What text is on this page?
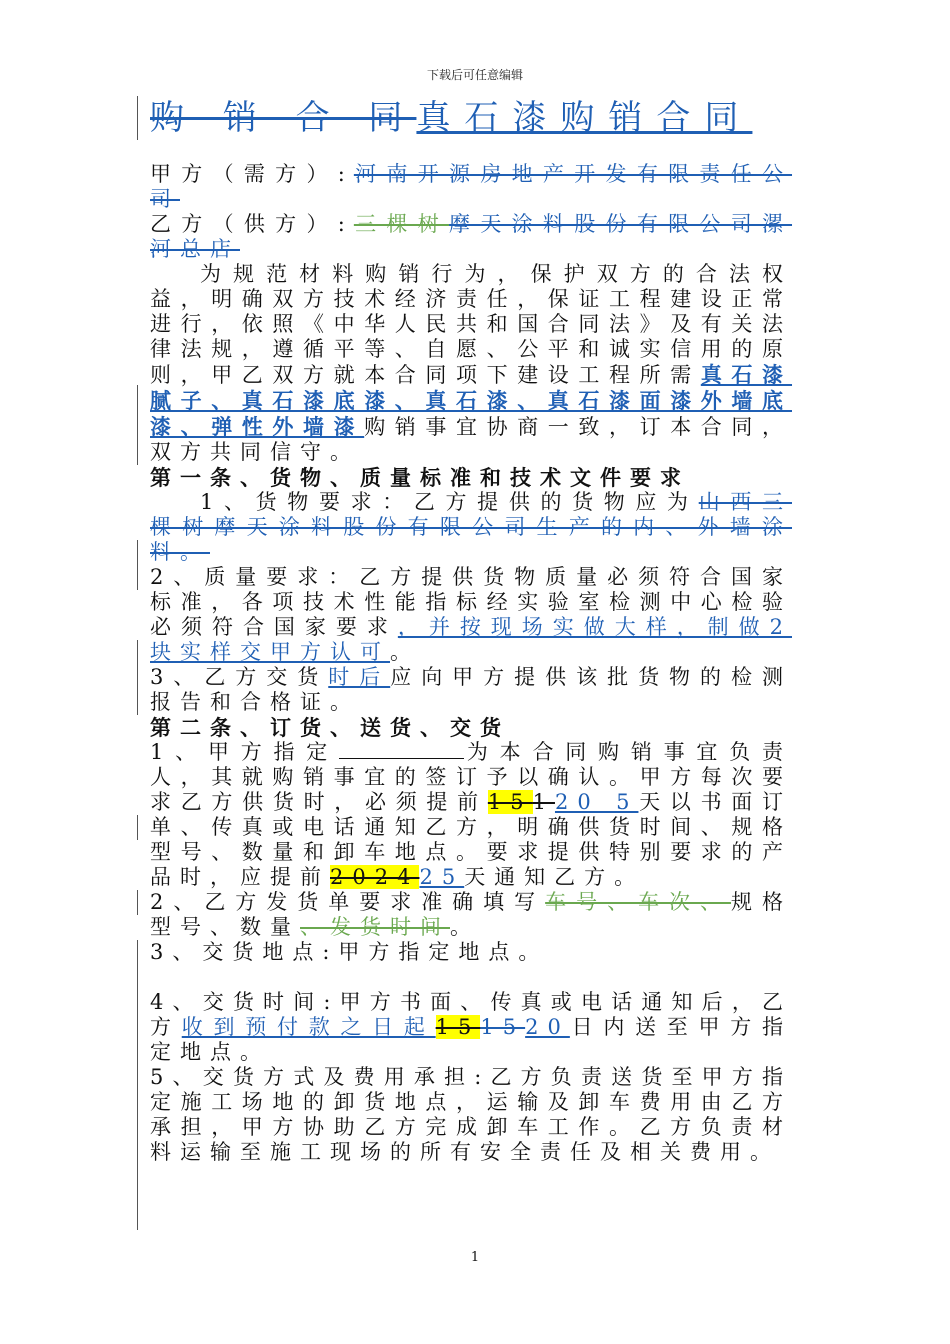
下载后可任意编辑
购 销 合 同真石漆购销合同

甲方（需方）:河南开源房地产开发有限责任公司

乙方（供方）:三棵树摩天涂料股份有限公司漯河总店

为规范材料购销行为，保护双方的合法权益，明确双方技术经济责任，保证工程建设正常进行，依照《中华人民共和国合同法》及有关法律法规，遵循平等、自愿、公平和诚实信用的原则，甲乙双方就本合同项下建设工程所需真石漆腻子、真石漆底漆、真石漆、真石漆面漆外墙底漆、弹性外墙漆购销事宜协商一致，订本合同，双方共同信守。

第一条、货物、质量标准和技术文件要求

1、货物要求：乙方提供的货物应为山西三棵树摩天涂料股份有限公司生产的内、外墙涂料。

2、质量要求：乙方提供货物质量必须符合国家标准，各项技术性能指标经实验室检测中心检验必须符合国家要求，并按现场实做大样，制做2块实样交甲方认可。

3、乙方交货时后应向甲方提供该批货物的检测报告和合格证。

第二条、订货、送货、交货

1、甲方指定	为本合同购销事宜负责人，其就购销事宜的签订予以确认。甲方每次要求乙方供货时，必须提前15120 5天以书面订单、传真或电话通知乙方，明确供货时间、规格型号、数量和卸车地点。要求提供特别要求的产品时，应提前202425天通知乙方。

2、乙方发货单要求准确填写车号、车次、规格型号、数量、发货时间。

3、交货地点:甲方指定地点。

4、交货时间:甲方书面、传真或电话通知后，乙方收到预付款之日起151520日内送至甲方指定地点。

5、交货方式及费用承担:乙方负责送货至甲方指定施工场地的卸货地点，运输及卸车费用由乙方承担，甲方协助乙方完成卸车工作。乙方负责材料运输至施工现场的所有安全责任及相关费用。

1
